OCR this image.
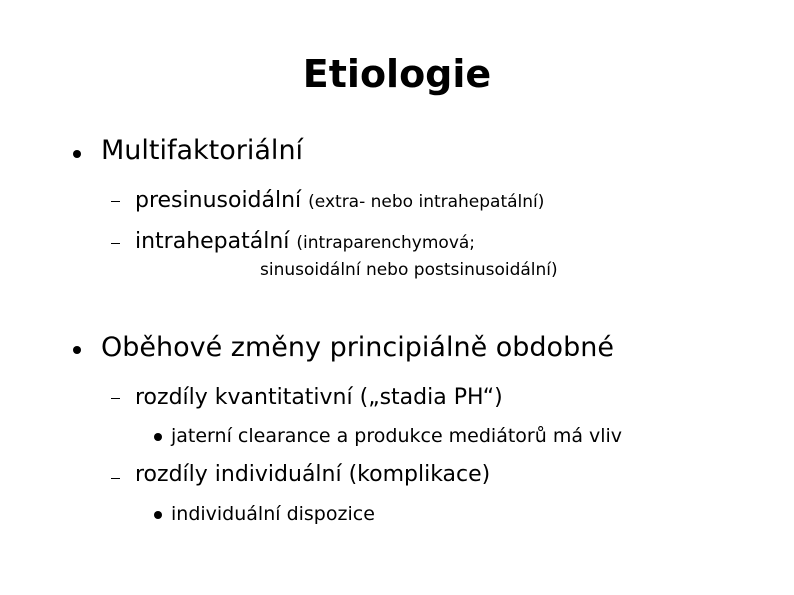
Etiologie
Multifaktoriální
presinusoidální (extra- nebo intrahepatální)
intrahepatální (intraparenchymová;
sinusoidální nebo postsinusoidální)
Oběhové změny principiálně obdobné
rozdíly kvantitativní („stadia PH“)
jaterní clearance a produkce mediátorů má vliv
rozdíly individuální (komplikace)
individuální dispozice
